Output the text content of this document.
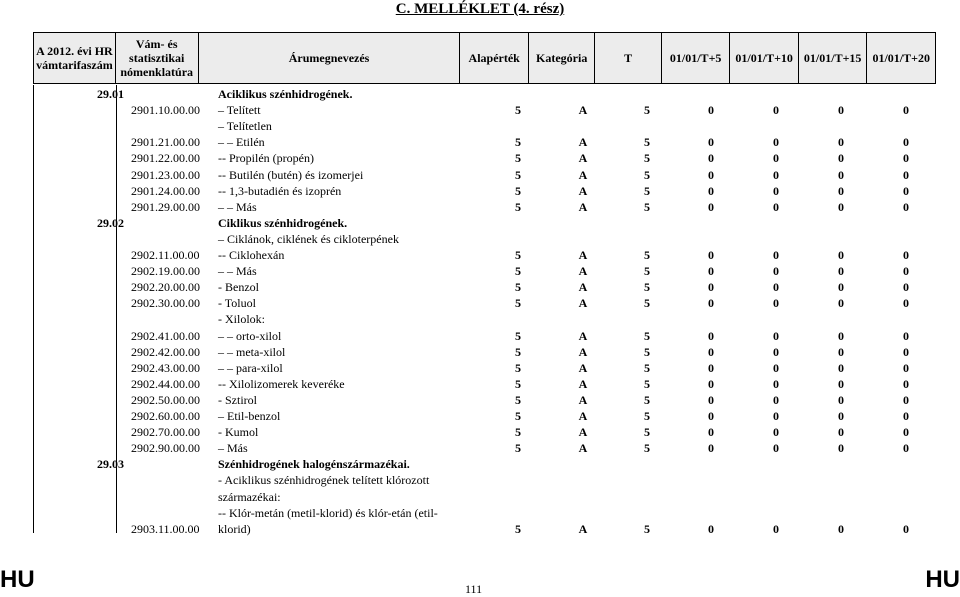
C. MELLÉKLET (4. rész)
A 2012. évi HR vámtarifaszám	Vám- és statisztikai nómenklatúra	Árumegnevezés	Alapérték	Kategória	T	01/01/T+5	01/01/T+10	01/01/T+15	01/01/T+20
29.01	Aciklikus szénhidrogének.
2901.10.00.00 – Telített	5	A	5	0	0	0	0
– Telítetlen
2901.21.00.00 – – Etilén	5	A	5	0	0	0	0
2901.22.00.00 -- Propilén (propén)	5	A	5	0	0	0	0
2901.23.00.00 -- Butilén (butén) és izomerjei	5	A	5	0	0	0	0
2901.24.00.00 -- 1,3-butadién és izoprén	5	A	5	0	0	0	0
2901.29.00.00 – – Más	5	A	5	0	0	0	0
29.02	Ciklikus szénhidrogének.
– Ciklánok, ciklének és cikloterpének
2902.11.00.00 -- Ciklohexán	5	A	5	0	0	0	0
2902.19.00.00 – – Más	5	A	5	0	0	0	0
2902.20.00.00 - Benzol	5	A	5	0	0	0	0
2902.30.00.00 - Toluol	5	A	5	0	0	0	0
- Xilolok:
2902.41.00.00 – – orto-xilol	5	A	5	0	0	0	0
2902.42.00.00 – – meta-xilol	5	A	5	0	0	0	0
2902.43.00.00 – – para-xilol	5	A	5	0	0	0	0
2902.44.00.00 -- Xilolizomerek keveréke	5	A	5	0	0	0	0
2902.50.00.00 - Sztirol	5	A	5	0	0	0	0
2902.60.00.00 – Etil-benzol	5	A	5	0	0	0	0
2902.70.00.00 - Kumol	5	A	5	0	0	0	0
2902.90.00.00 – Más	5	A	5	0	0	0	0
29.03	Szénhidrogének halogénszármazékai.
- Aciklikus szénhidrogének telített klórozott
származékai:
-- Klór-metán (metil-klorid) és klór-etán (etil-
2903.11.00.00 klorid)	5	A	5	0	0	0	0
HU	111	HU
